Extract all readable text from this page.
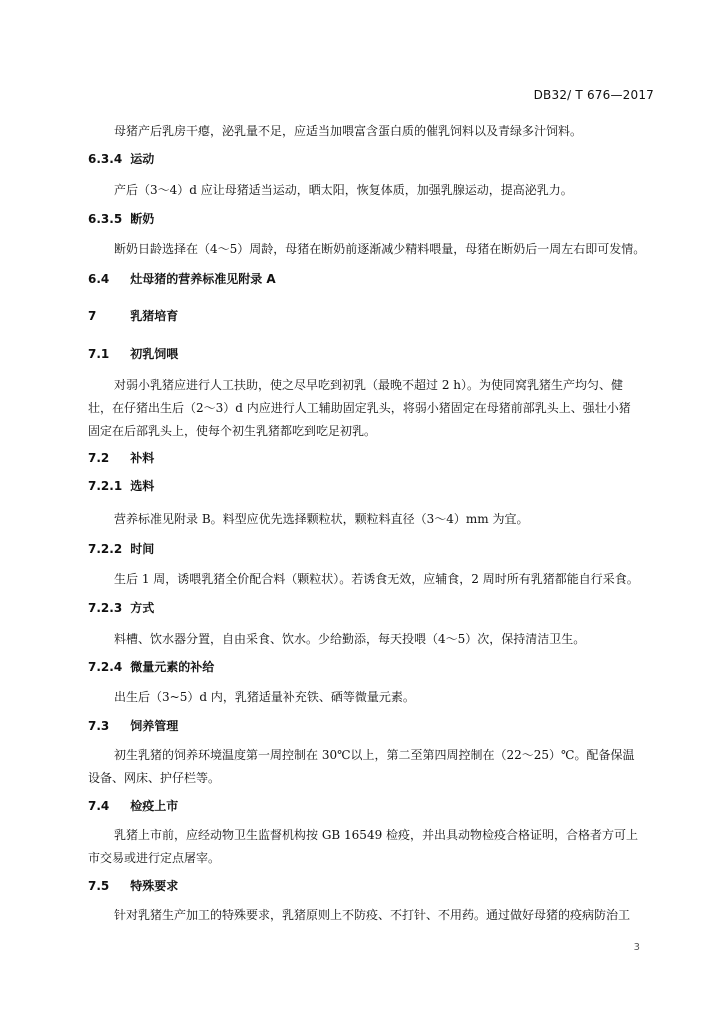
DB32/ T 676—2017
母猪产后乳房干瘪，泌乳量不足，应适当加喂富含蛋白质的催乳饲料以及青绿多汁饲料。
6.3.4 运动
产后（3～4）d 应让母猪适当运动，晒太阳，恢复体质，加强乳腺运动，提高泌乳力。
6.3.5 断奶
断奶日龄选择在（4～5）周龄，母猪在断奶前逐渐减少精料喂量，母猪在断奶后一周左右即可发情。
6.4 灶母猪的营养标准见附录 A
7	乳猪培育
7.1 初乳饲喂
对弱小乳猪应进行人工扶助，使之尽早吃到初乳（最晚不超过 2 h）。为使同窝乳猪生产均匀、健
壮，在仔猪出生后（2～3）d 内应进行人工辅助固定乳头，将弱小猪固定在母猪前部乳头上、强壮小猪
固定在后部乳头上，使每个初生乳猪都吃到吃足初乳。
7.2 补料
7.2.1 选料
营养标准见附录 B。料型应优先选择颗粒状，颗粒料直径（3～4）mm 为宜。
7.2.2 时间
生后 1 周，诱喂乳猪全价配合料（颗粒状）。若诱食无效，应辅食，2 周时所有乳猪都能自行采食。
7.2.3 方式
料槽、饮水器分置，自由采食、饮水。少给勤添，每天投喂（4～5）次，保持清洁卫生。
7.2.4 微量元素的补给
出生后（3~5）d 内，乳猪适量补充铁、硒等微量元素。
7.3 饲养管理
初生乳猪的饲养环境温度第一周控制在 30℃以上，第二至第四周控制在（22～25）℃。配备保温
设备、网床、护仔栏等。
7.4 检疫上市
乳猪上市前，应经动物卫生监督机构按 GB 16549 检疫，并出具动物检疫合格证明，合格者方可上
市交易或进行定点屠宰。
7.5 特殊要求
针对乳猪生产加工的特殊要求，乳猪原则上不防疫、不打针、不用药。通过做好母猪的疫病防治工
3
